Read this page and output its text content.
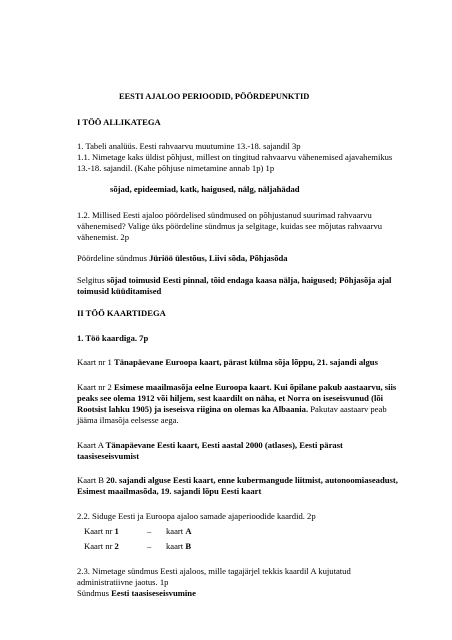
EESTI AJALOO PERIOODID, PÖÖRDEPUNKTID
I TÖÖ ALLIKATEGA
1. Tabeli analüüs. Eesti rahvaarvu muutumine 13.-18. sajandil 3p
1.1. Nimetage kaks üldist põhjust, millest on tingitud rahvaarvu vähenemised ajavahemikus
13.-18. sajandil. (Kahe põhjuse nimetamine annab 1p) 1p
sõjad, epideemiad, katk, haigused, nälg, näljahädad
1.2. Millised Eesti ajaloo pöördelised sündmused on põhjustanud suurimad rahvaarvu
vähenemised? Valige üks pöördeline sündmus ja selgitage, kuidas see mõjutas rahvaarvu
vähenemist. 2p
Pöördeline sündmus Jüriöö ülestõus, Liivi sõda, Põhjasõda
Selgitus sõjad toimusid Eesti pinnal, tõid endaga kaasa nälja, haigused; Põhjasõja ajal
toimusid küüditamised
II TÖÖ KAARTIDEGA
1. Töö kaardiga. 7p
Kaart nr 1 Tänapäevane Euroopa kaart, pärast külma sõja lõppu, 21. sajandi algus
Kaart nr 2 Esimese maailmasõja eelne Euroopa kaart. Kui õpilane pakub aastaarvu, siis
peaks see olema 1912 või hiljem, sest kaardilt on näha, et Norra on iseseisvunud (lõi
Rootsist lahku 1905) ja iseseisva riigina on olemas ka Albaania. Pakutav aastaarv peab
jääma ilmasõja eelsesse aega.
Kaart A Tänapäevane Eesti kaart, Eesti aastal 2000 (atlases), Eesti pärast
taasiseseisvumist
Kaart B 20. sajandi alguse Eesti kaart, enne kubermangude liitmist, autonoomiaseadust,
Esimest maailmasõda, 19. sajandi lõpu Eesti kaart
2.2. Siduge Eesti ja Euroopa ajaloo samade ajaperioodide kaardid. 2p
Kaart nr 1	– kaart A
Kaart nr 2	– kaart B
2.3. Nimetage sündmus Eesti ajaloos, mille tagajärjel tekkis kaardil A kujutatud
administratiivne jaotus. 1p
Sündmus Eesti taasiseseisvumine
